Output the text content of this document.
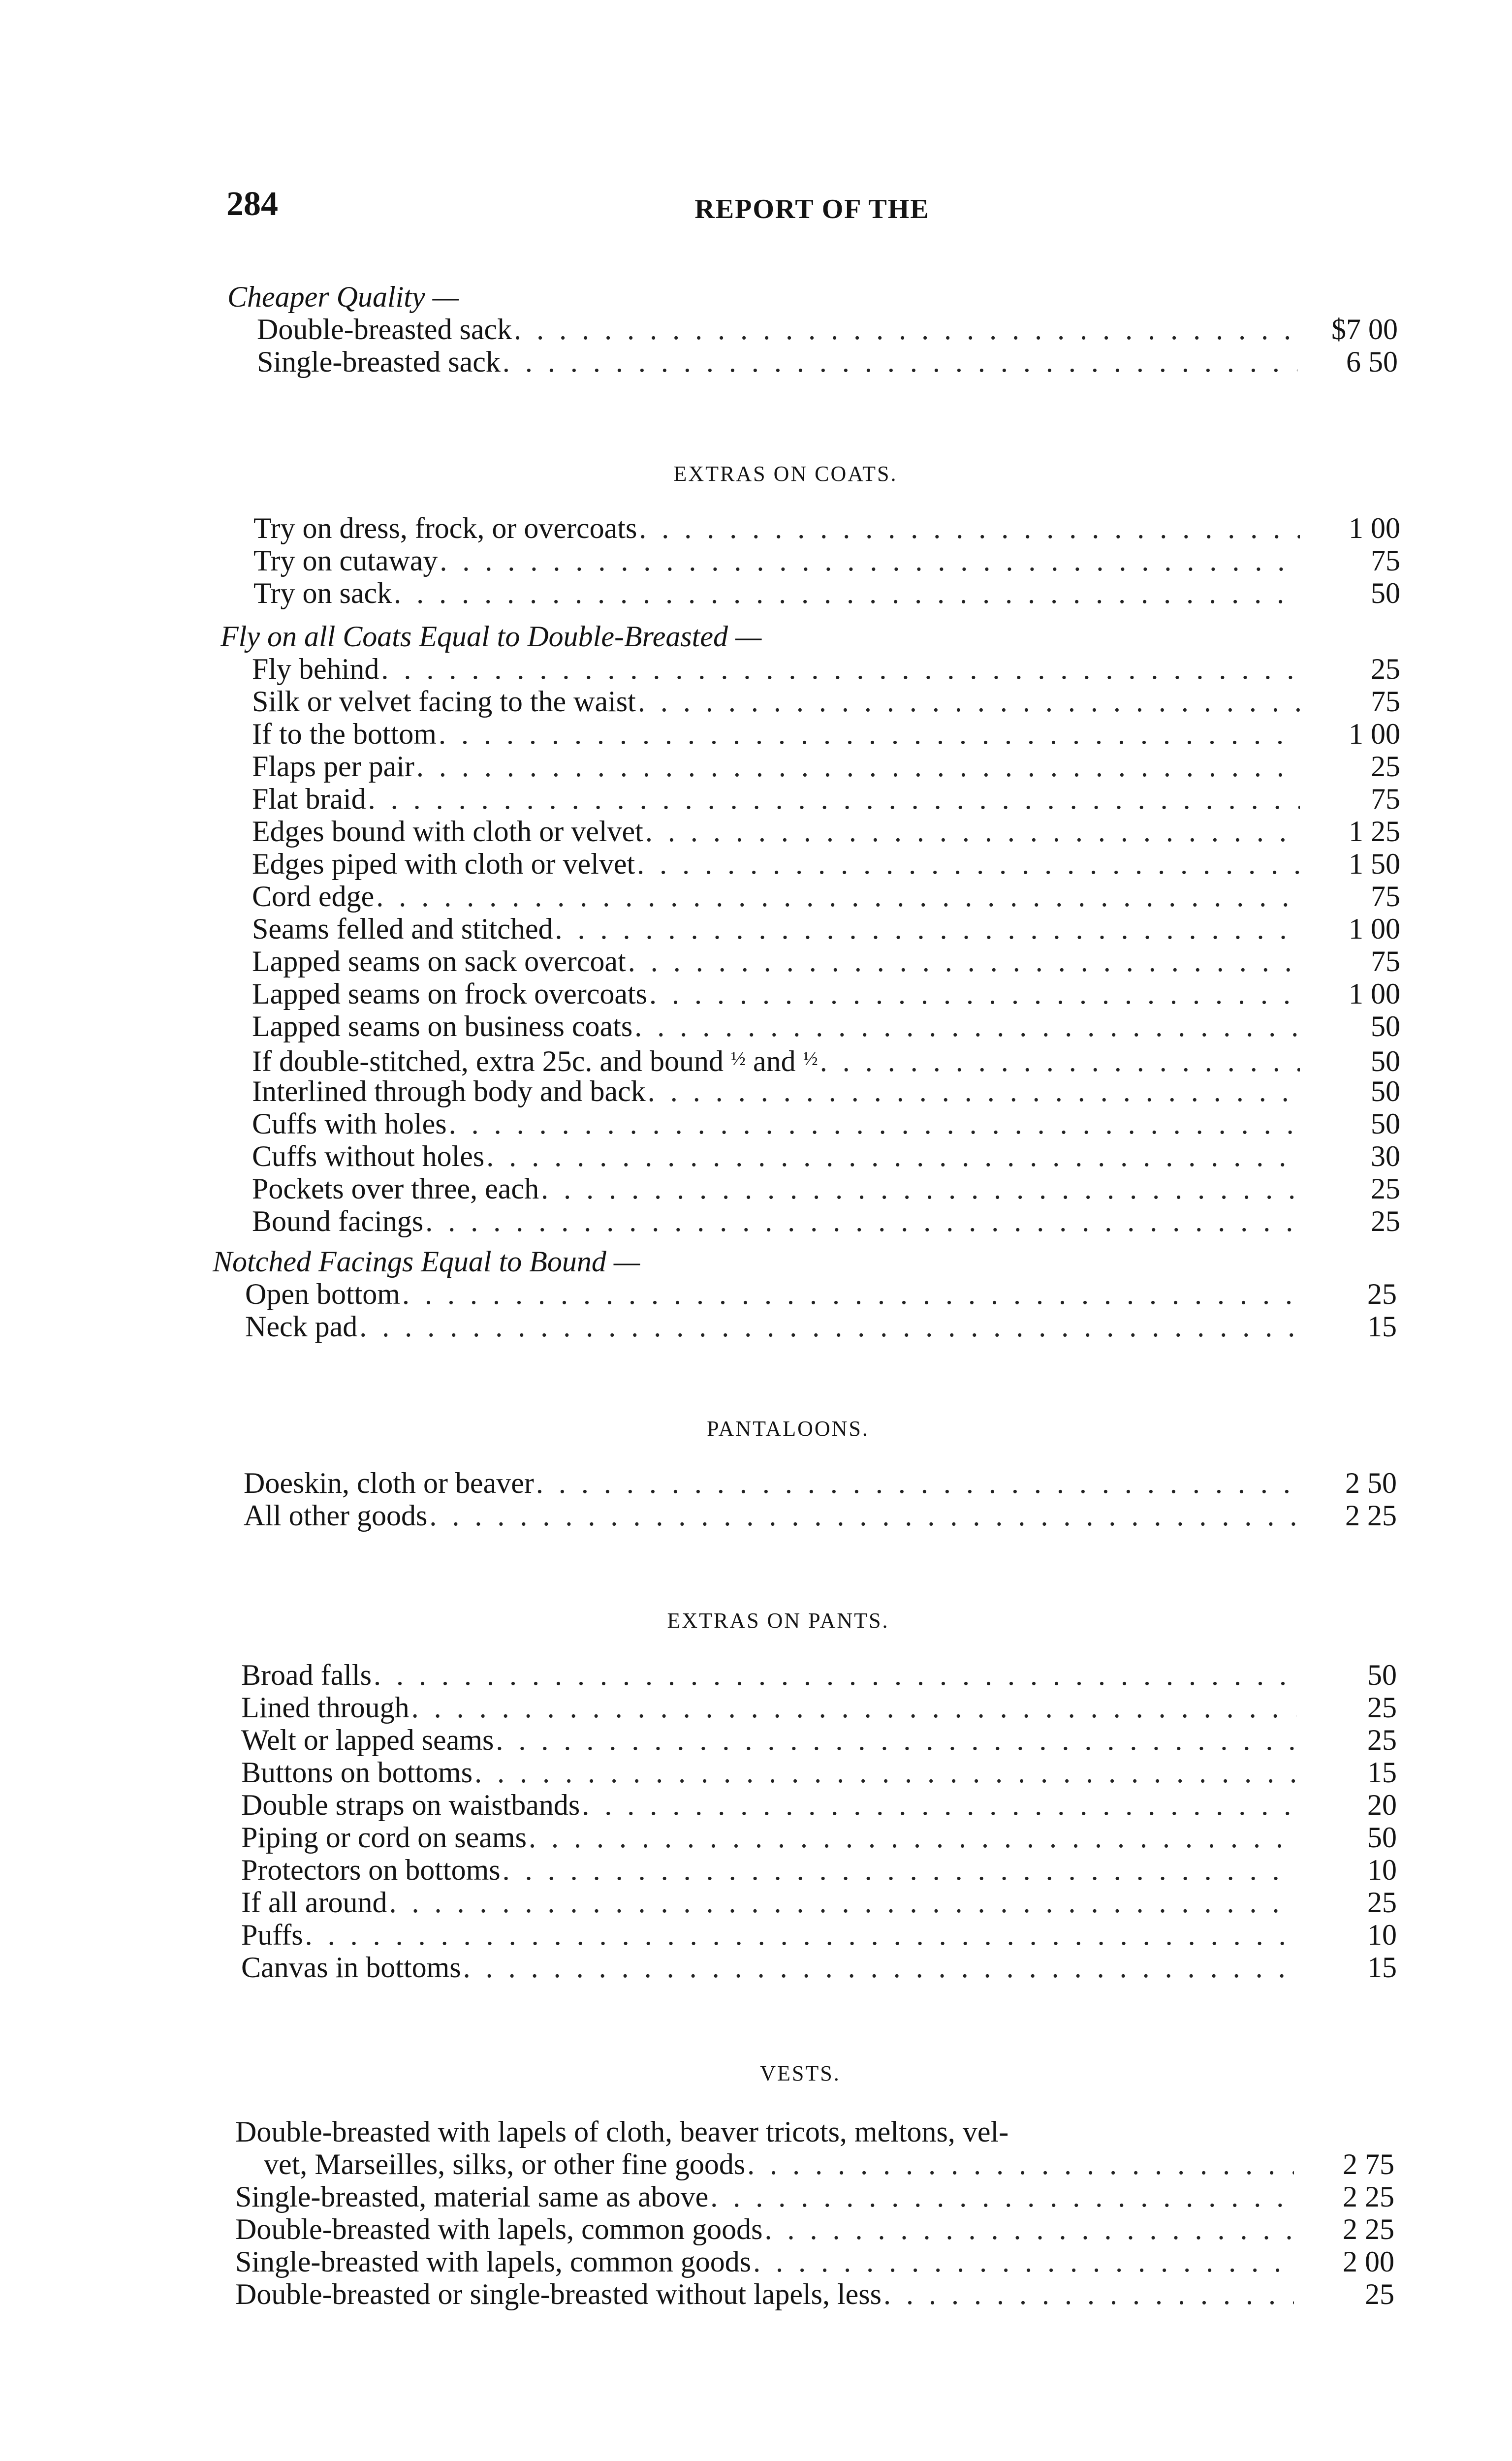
284	REPORT OF THE
Cheaper Quality —
Double-breasted sack . . .	$7 00
Single-breasted sack . . .	6 50
EXTRAS ON COATS.
Try on dress, frock, or overcoats . . .	1 00
Try on cutaway . . .	75
Try on sack . . .	50
Fly on all Coats Equal to Double-Breasted —
Fly behind . . .	25
Silk or velvet facing to the waist . . .	75
If to the bottom . . .	1 00
Flaps per pair . . .	25
Flat braid . . .	75
Edges bound with cloth or velvet . . .	1 25
Edges piped with cloth or velvet . . .	1 50
Cord edge . . .	75
Seams felled and stitched . . .	1 00
Lapped seams on sack overcoat . . .	75
Lapped seams on frock overcoats . . .	1 00
Lapped seams on business coats . . .	50
If double-stitched, extra 25c. and bound $^{\frac{1}{2}}$ and $^{\frac{1}{2}}$ . . .	50
Interlined through body and back . . .	50
Cuffs with holes . . .	50
Cuffs without holes . . .	30
Pockets over three, each . . .	25
Bound facings . . .	25
Notched Facings Equal to Bound —
Open bottom . . .	25
Neck pad . . .	15
PANTALOONS.
Doeskin, cloth or beaver . . .	2 50
All other goods . . .	2 25
EXTRAS ON PANTS.
Broad falls . . .	50
Lined through . . .	25
Welt or lapped seams . . .	25
Buttons on bottoms . . .	15
Double straps on waistbands . . .	20
Piping or cord on seams . . .	50
Protectors on bottoms . . .	10
If all around . . .	25
Puffs . . .	10
Canvas in bottoms . . .	15
VESTS.
Double-breasted with lapels of cloth, beaver tricots, meltons, vel-
vet, Marseilles, silks, or other fine goods . . .	2 75
Single-breasted, material same as above . . .	2 25
Double-breasted with lapels, common goods . . .	2 25
Single-breasted with lapels, common goods . . .	2 00
Double-breasted or single-breasted without lapels, less . . .	25
